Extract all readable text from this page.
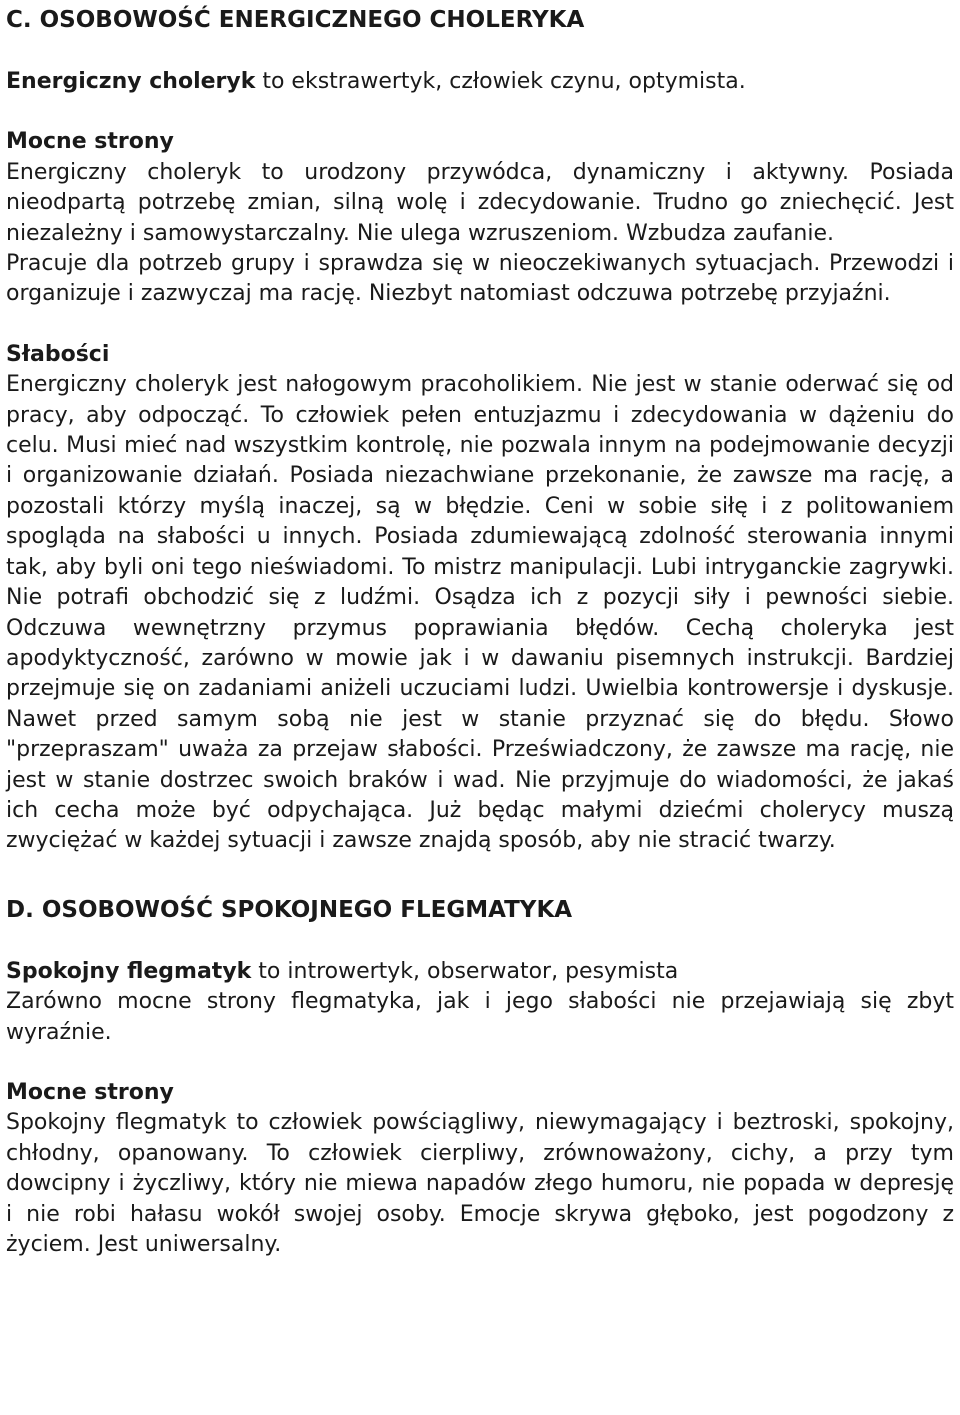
C. OSOBOWOŚĆ ENERGICZNEGO CHOLERYKA

Energiczny choleryk to ekstrawertyk, człowiek czynu, optymista.

Mocne strony

Energiczny choleryk to urodzony przywódca, dynamiczny i aktywny. Posiada nieodpartą potrzebę zmian, silną wolę i zdecydowanie. Trudno go zniechęcić. Jest niezależny i samowystarczalny. Nie ulega wzruszeniom. Wzbudza zaufanie.

Pracuje dla potrzeb grupy i sprawdza się w nieoczekiwanych sytuacjach. Przewodzi i organizuje i zazwyczaj ma rację. Niezbyt natomiast odczuwa potrzebę przyjaźni.

Słabości

Energiczny choleryk jest nałogowym pracoholikiem. Nie jest w stanie oderwać się od pracy, aby odpocząć. To człowiek pełen entuzjazmu i zdecydowania w dążeniu do celu. Musi mieć nad wszystkim kontrolę, nie pozwala innym na podejmowanie decyzji i organizowanie działań. Posiada niezachwiane przekonanie, że zawsze ma rację, a pozostali którzy myślą inaczej, są w błędzie. Ceni w sobie siłę i z politowaniem spogląda na słabości u innych. Posiada zdumiewającą zdolność sterowania innymi tak, aby byli oni tego nieświadomi. To mistrz manipulacji. Lubi intryganckie zagrywki. Nie potrafi obchodzić się z ludźmi. Osądza ich z pozycji siły i pewności siebie. Odczuwa wewnętrzny przymus poprawiania błędów. Cechą choleryka jest apodyktyczność, zarówno w mowie jak i w dawaniu pisemnych instrukcji. Bardziej przejmuje się on zadaniami aniżeli uczuciami ludzi. Uwielbia kontrowersje i dyskusje. Nawet przed samym sobą nie jest w stanie przyznać się do błędu. Słowo "przepraszam" uważa za przejaw słabości. Przeświadczony, że zawsze ma rację, nie jest w stanie dostrzec swoich braków i wad. Nie przyjmuje do wiadomości, że jakaś ich cecha może być odpychająca. Już będąc małymi dziećmi cholerycy muszą zwyciężać w każdej sytuacji i zawsze znajdą sposób, aby nie stracić twarzy.

D. OSOBOWOŚĆ SPOKOJNEGO FLEGMATYKA

Spokojny flegmatyk to introwertyk, obserwator, pesymista

Zarówno mocne strony flegmatyka, jak i jego słabości nie przejawiają się zbyt wyraźnie.

Mocne strony

Spokojny flegmatyk to człowiek powściągliwy, niewymagający i beztroski, spokojny, chłodny, opanowany. To człowiek cierpliwy, zrównoważony, cichy, a przy tym dowcipny i życzliwy, który nie miewa napadów złego humoru, nie popada w depresję i nie robi hałasu wokół swojej osoby. Emocje skrywa głęboko, jest pogodzony z życiem. Jest uniwersalny.
